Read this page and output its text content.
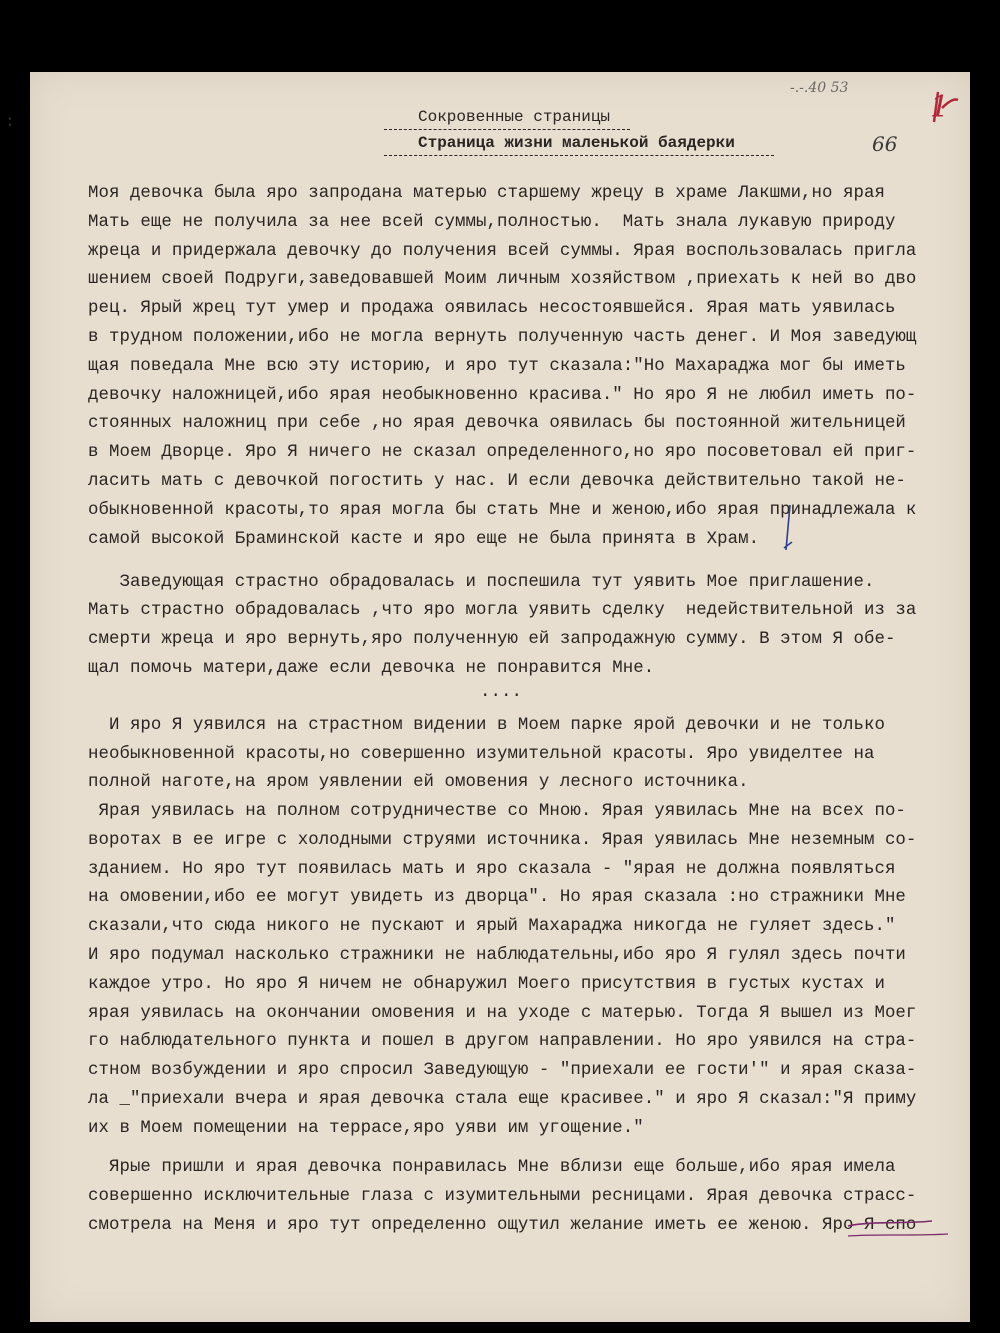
:
-.-.40 53
66
1
Сокровенные страницы
Страница жизни маленькой баядерки
Моя девочка была яро запродана матерью старшему жрецу в храме Лакшми,но ярая
Мать еще не получила за нее всей суммы,полностью.  Мать знала лукавую природу
жреца и придержала девочку до получения всей суммы. Ярая воспользовалась пригла
шением своей Подруги,заведовавшей Моим личным хозяйством ,приехать к ней во дво
рец. Ярый жрец тут умер и продажа оявилась несостоявшейся. Ярая мать уявилась
в трудном положении,ибо не могла вернуть полученную часть денег. И Моя заведующ
щая поведала Мне всю эту историю, и яро тут сказала:"Но Махараджа мог бы иметь
девочку наложницей,ибо ярая необыкновенно красива." Но яро Я не любил иметь по-
стоянных наложниц при себе ,но ярая девочка оявилась бы постоянной жительницей
в Моем Дворце. Яро Я ничего не сказал определенного,но яро посоветовал ей приг-
ласить мать с девочкой погостить у нас. И если девочка действительно такой не-
обыкновенной красоты,то ярая могла бы стать Мне и женою,ибо ярая принадлежала к
самой высокой Браминской касте и яро еще не была принята в Храм.
Заведующая страстно обрадовалась и поспешила тут уявить Мое приглашение.
Мать страстно обрадовалась ,что яро могла уявить сделку  недействительной из за
смерти жреца и яро вернуть,яро полученную ей запродажную сумму. В этом Я обе-
щал помочь матери,даже если девочка не понравится Мне.
....
И яро Я уявился на страстном видении в Моем парке ярой девочки и не только
необыкновенной красоты,но совершенно изумительной красоты. Яро увиделтее на
полной наготе,на яром уявлении ей омовения у лесного источника.
Ярая уявилась на полном сотрудничестве со Мною. Ярая уявилась Мне на всех по-
воротах в ее игре с холодными струями источника. Ярая уявилась Мне неземным со-
зданием. Но яро тут появилась мать и яро сказала - "ярая не должна появляться
на омовении,ибо ее могут увидеть из дворца". Но ярая сказала :но стражники Мне
сказали,что сюда никого не пускают и ярый Махараджа никогда не гуляет здесь."
И яро подумал насколько стражники не наблюдательны,ибо яро Я гулял здесь почти
каждое утро. Но яро Я ничем не обнаружил Моего присутствия в густых кустах и
ярая уявилась на окончании омовения и на уходе с матерью. Тогда Я вышел из Моег
го наблюдательного пункта и пошел в другом направлении. Но яро уявился на стра-
стном возбуждении и яро спросил Заведующую - "приехали ее гости'" и ярая сказа-
ла _"приехали вчера и ярая девочка стала еще красивее." и яро Я сказал:"Я приму
их в Моем помещении на террасе,яро уяви им угощение."
Ярые пришли и ярая девочка понравилась Мне вблизи еще больше,ибо ярая имела
совершенно исключительные глаза с изумительными ресницами. Ярая девочка страсс-
смотрела на Меня и яро тут определенно ощутил желание иметь ее женою. Яро Я спо
